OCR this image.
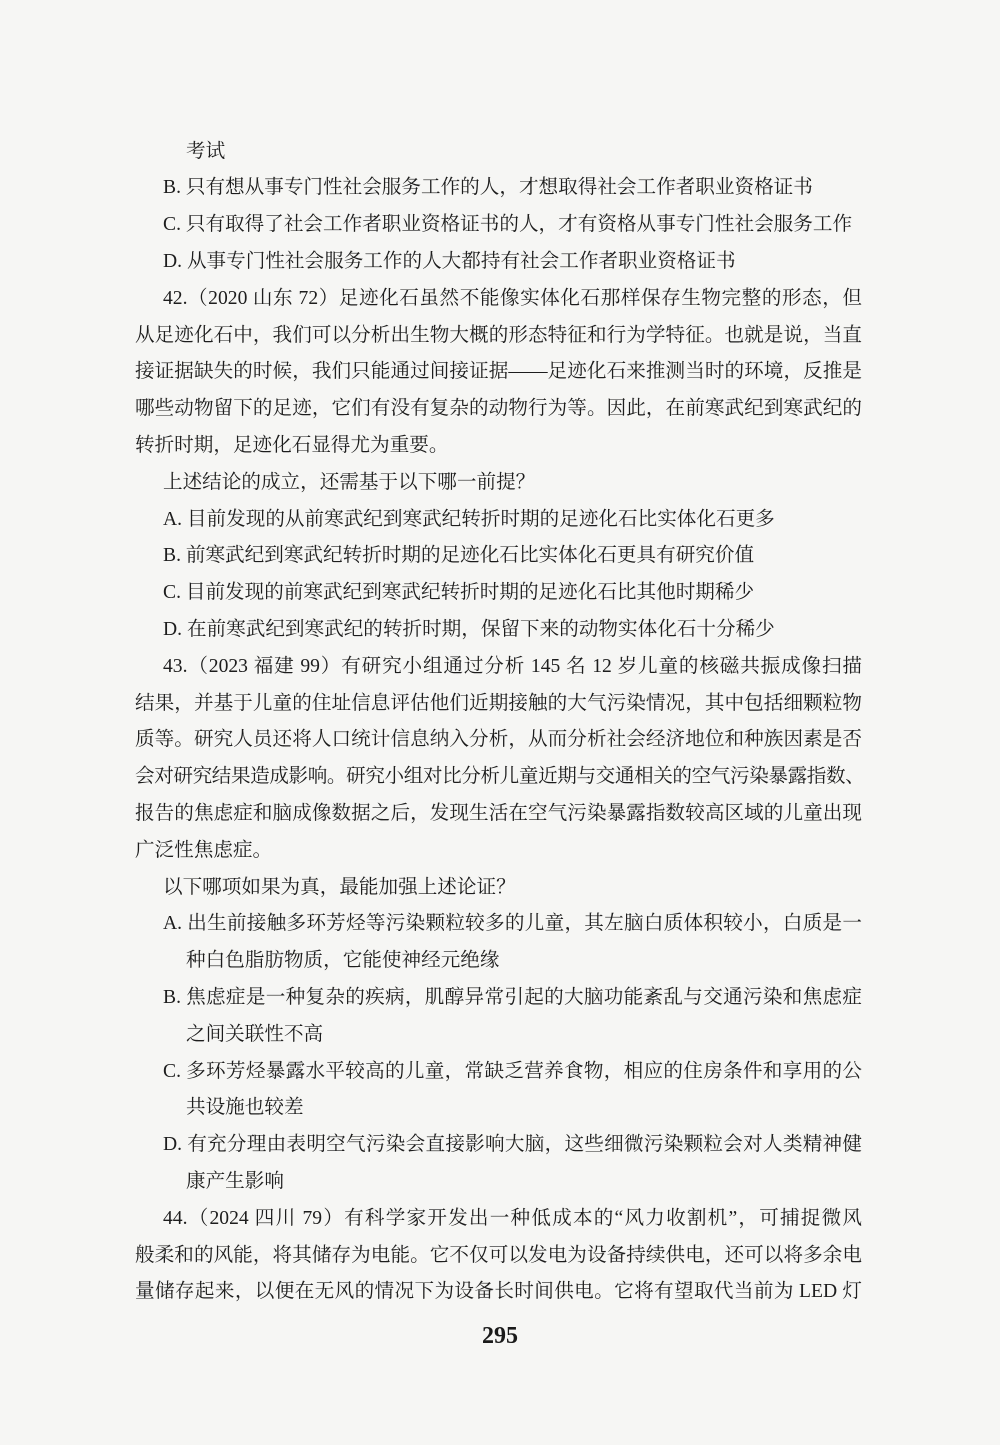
考试
B. 只有想从事专门性社会服务工作的人，才想取得社会工作者职业资格证书
C. 只有取得了社会工作者职业资格证书的人，才有资格从事专门性社会服务工作
D. 从事专门性社会服务工作的人大都持有社会工作者职业资格证书
42.（2020 山东 72）足迹化石虽然不能像实体化石那样保存生物完整的形态，但
从足迹化石中，我们可以分析出生物大概的形态特征和行为学特征。也就是说，当直
接证据缺失的时候，我们只能通过间接证据——足迹化石来推测当时的环境，反推是
哪些动物留下的足迹，它们有没有复杂的动物行为等。因此，在前寒武纪到寒武纪的
转折时期，足迹化石显得尤为重要。
上述结论的成立，还需基于以下哪一前提？
A. 目前发现的从前寒武纪到寒武纪转折时期的足迹化石比实体化石更多
B. 前寒武纪到寒武纪转折时期的足迹化石比实体化石更具有研究价值
C. 目前发现的前寒武纪到寒武纪转折时期的足迹化石比其他时期稀少
D. 在前寒武纪到寒武纪的转折时期，保留下来的动物实体化石十分稀少
43.（2023 福建 99）有研究小组通过分析 145 名 12 岁儿童的核磁共振成像扫描
结果，并基于儿童的住址信息评估他们近期接触的大气污染情况，其中包括细颗粒物
质等。研究人员还将人口统计信息纳入分析，从而分析社会经济地位和种族因素是否
会对研究结果造成影响。研究小组对比分析儿童近期与交通相关的空气污染暴露指数、
报告的焦虑症和脑成像数据之后，发现生活在空气污染暴露指数较高区域的儿童出现
广泛性焦虑症。
以下哪项如果为真，最能加强上述论证？
A. 出生前接触多环芳烃等污染颗粒较多的儿童，其左脑白质体积较小，白质是一
种白色脂肪物质，它能使神经元绝缘
B. 焦虑症是一种复杂的疾病，肌醇异常引起的大脑功能紊乱与交通污染和焦虑症
之间关联性不高
C. 多环芳烃暴露水平较高的儿童，常缺乏营养食物，相应的住房条件和享用的公
共设施也较差
D. 有充分理由表明空气污染会直接影响大脑，这些细微污染颗粒会对人类精神健
康产生影响
44.（2024 四川 79）有科学家开发出一种低成本的“风力收割机”，可捕捉微风
般柔和的风能，将其储存为电能。它不仅可以发电为设备持续供电，还可以将多余电
量储存起来，以便在无风的情况下为设备长时间供电。它将有望取代当前为 LED 灯
295
